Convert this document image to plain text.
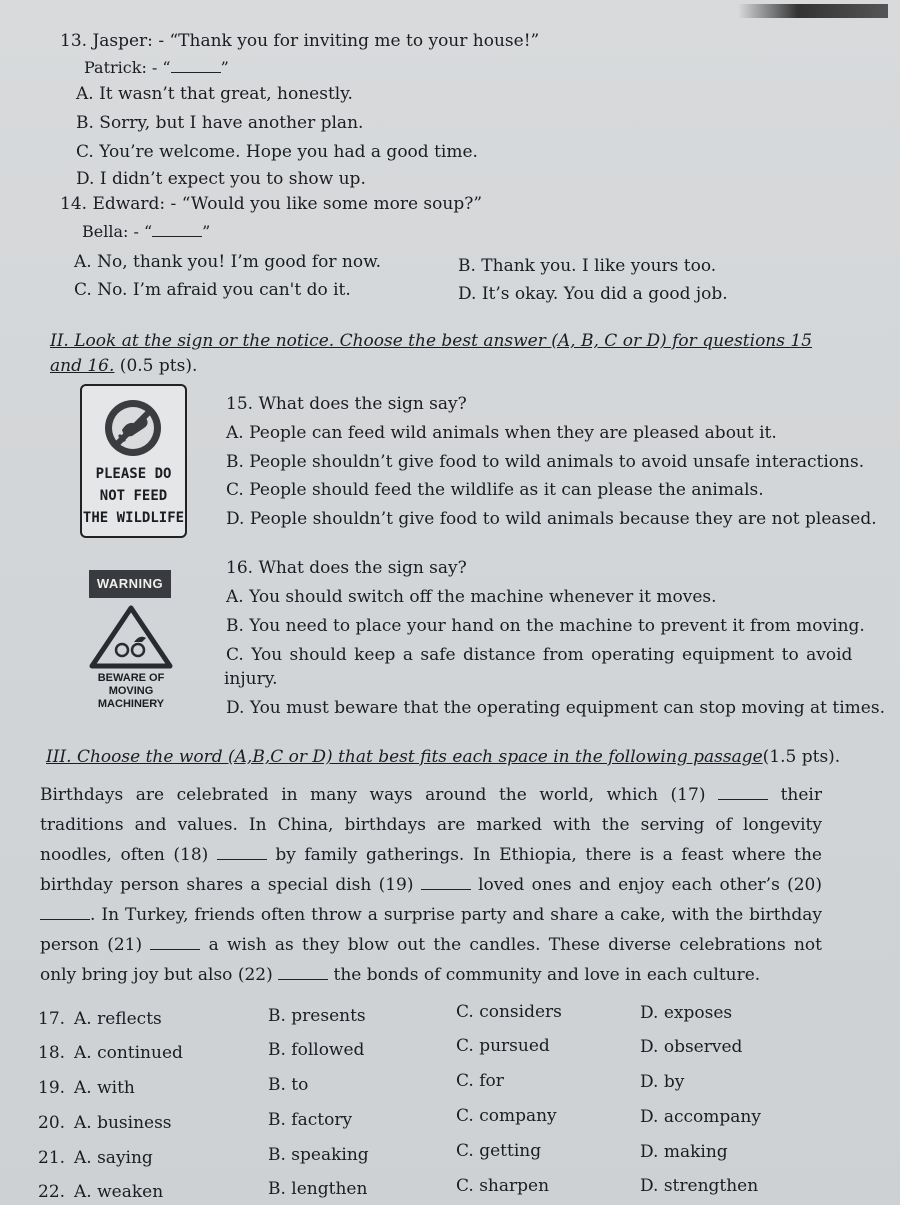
13. Jasper: - “Thank you for inviting me to your house!”
Patrick: - “	”
A. It wasn’t that great, honestly.
B. Sorry, but I have another plan.
C. You’re welcome. Hope you had a good time.
D. I didn’t expect you to show up.
14. Edward: - “Would you like some more soup?”
Bella: - “	”
A. No, thank you! I’m good for now.	B. Thank you. I like yours too.
C. No. I’m afraid you can't do it.	D. It’s okay. You did a good job.
II. Look at the sign or the notice. Choose the best answer (A, B, C or D) for questions 15
and 16. (0.5 pts).
PLEASE DO
NOT FEED
THE WILDLIFE
15. What does the sign say?
A. People can feed wild animals when they are pleased about it.
B. People shouldn’t give food to wild animals to avoid unsafe interactions.
C. People should feed the wildlife as it can please the animals.
D. People shouldn’t give food to wild animals because they are not pleased.
WARNING
BEWARE OF
MOVING
MACHINERY
16. What does the sign say?
A. You should switch off the machine whenever it moves.
B. You need to place your hand on the machine to prevent it from moving.
C. You should keep a safe distance from operating equipment to avoid
injury.
D. You must beware that the operating equipment can stop moving at times.
III. Choose the word (A,B,C or D) that best fits each space in the following passage(1.5 pts).
Birthdays are celebrated in many ways around the world, which (17)	their traditions and values. In China, birthdays are marked with the serving of longevity noodles, often (18)	by family gatherings. In Ethiopia, there is a feast where the birthday person shares a special dish (19)	loved ones and enjoy each other’s (20) . In Turkey, friends often throw a surprise party and share a cake, with the birthday person (21)	a wish as they blow out the candles. These diverse celebrations not only bring joy but also (22)	the bonds of community and love in each culture.
17. A. reflects	B. presents	C. considers	D. exposes
18. A. continued	B. followed	C. pursued	D. observed
19. A. with	B. to	C. for	D. by
20. A. business	B. factory	C. company	D. accompany
21. A. saying	B. speaking	C. getting	D. making
22. A. weaken	B. lengthen	C. sharpen	D. strengthen
